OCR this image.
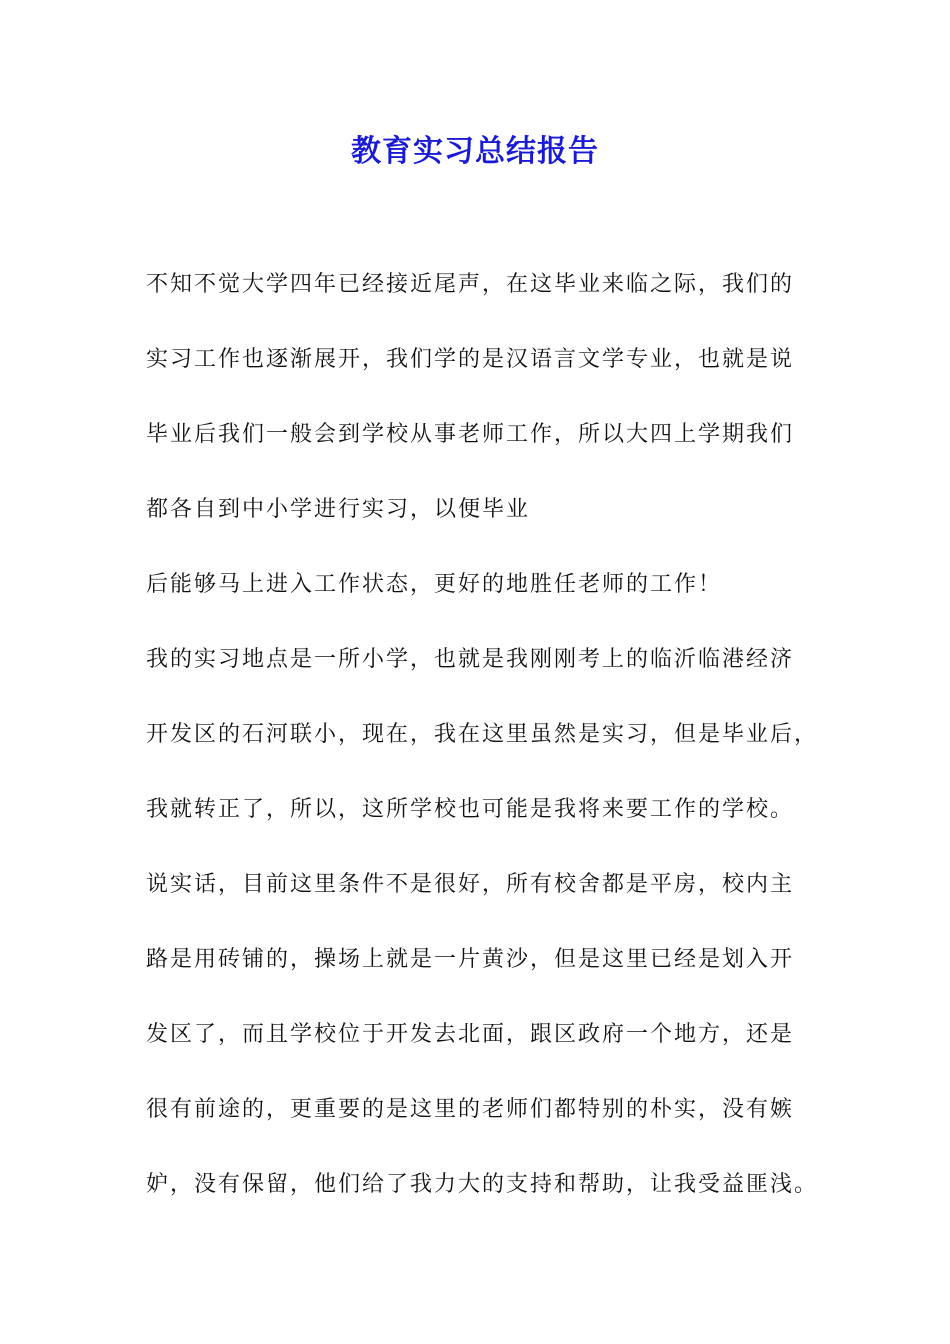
教育实习总结报告
不知不觉大学四年已经接近尾声，在这毕业来临之际，我们的
实习工作也逐渐展开，我们学的是汉语言文学专业，也就是说
毕业后我们一般会到学校从事老师工作，所以大四上学期我们
都各自到中小学进行实习，以便毕业
后能够马上进入工作状态，更好的地胜任老师的工作！
我的实习地点是一所小学，也就是我刚刚考上的临沂临港经济
开发区的石河联小，现在，我在这里虽然是实习，但是毕业后，
我就转正了，所以，这所学校也可能是我将来要工作的学校。
说实话，目前这里条件不是很好，所有校舍都是平房，校内主
路是用砖铺的，操场上就是一片黄沙，但是这里已经是划入开
发区了，而且学校位于开发去北面，跟区政府一个地方，还是
很有前途的，更重要的是这里的老师们都特别的朴实，没有嫉
妒，没有保留，他们给了我力大的支持和帮助，让我受益匪浅。
